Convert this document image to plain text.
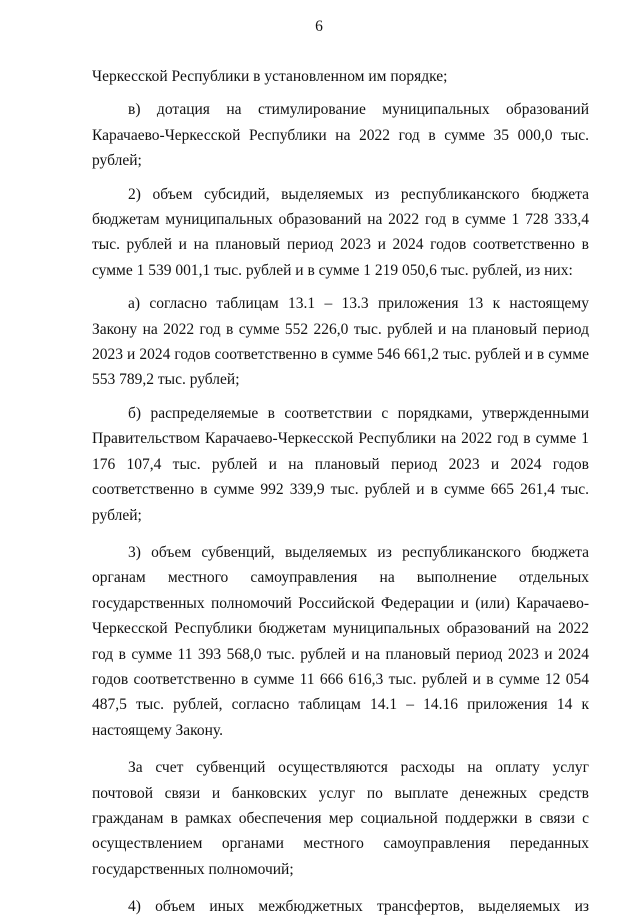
6

Черкесской Республики в установленном им порядке;

в) дотация на стимулирование муниципальных образований Карачаево-Черкесской Республики на 2022 год в сумме 35 000,0 тыс. рублей;

2) объем субсидий, выделяемых из республиканского бюджета бюджетам муниципальных образований на 2022 год в сумме 1 728 333,4 тыс. рублей и на плановый период 2023 и 2024 годов соответственно в сумме 1 539 001,1 тыс. рублей и в сумме 1 219 050,6 тыс. рублей, из них:

а) согласно таблицам 13.1 – 13.3 приложения 13 к настоящему Закону на 2022 год в сумме 552 226,0 тыс. рублей и на плановый период 2023 и 2024 годов соответственно в сумме 546 661,2 тыс. рублей и в сумме 553 789,2 тыс. рублей;

б) распределяемые в соответствии с порядками, утвержденными Правительством Карачаево-Черкесской Республики на 2022 год в сумме 1 176 107,4 тыс. рублей и на плановый период 2023 и 2024 годов соответственно в сумме 992 339,9 тыс. рублей и в сумме 665 261,4 тыс. рублей;

3) объем субвенций, выделяемых из республиканского бюджета органам местного самоуправления на выполнение отдельных государственных полномочий Российской Федерации и (или) Карачаево-Черкесской Республики бюджетам муниципальных образований на 2022 год в сумме 11 393 568,0 тыс. рублей и на плановый период 2023 и 2024 годов соответственно в сумме 11 666 616,3 тыс. рублей и в сумме 12 054 487,5 тыс. рублей, согласно таблицам 14.1 – 14.16 приложения 14 к настоящему Закону.

За счет субвенций осуществляются расходы на оплату услуг почтовой связи и банковских услуг по выплате денежных средств гражданам в рамках обеспечения мер социальной поддержки в связи с осуществлением органами местного самоуправления переданных государственных полномочий;

4) объем иных межбюджетных трансфертов, выделяемых из
